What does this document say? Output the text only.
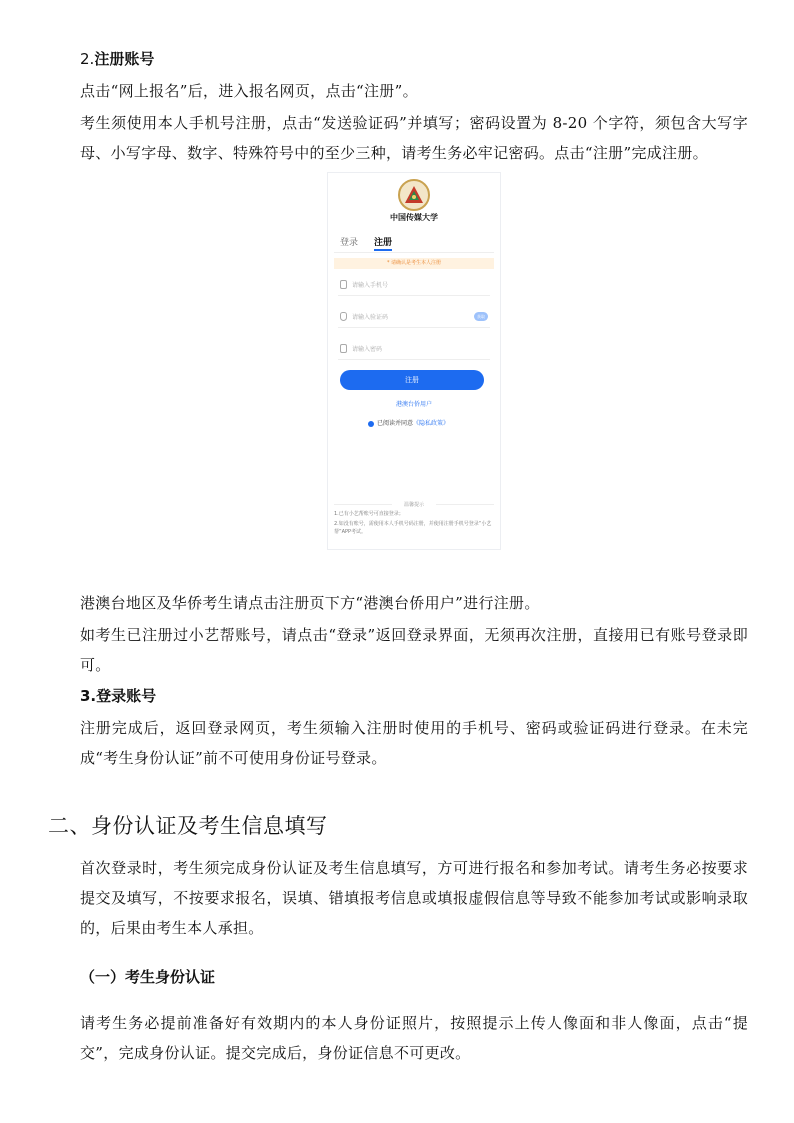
2.注册账号
点击“网上报名”后，进入报名网页，点击“注册”。
考生须使用本人手机号注册，点击“发送验证码”并填写；密码设置为 8-20 个字符，须包含大写字母、小写字母、数字、特殊符号中的至少三种，请考生务必牢记密码。点击“注册”完成注册。
中国传媒大学
登录 注册
* 请确认是考生本人注册
请输入手机号
请输入验证码	获取
请输入密码
注册
港澳台侨用户
已阅读并同意《隐私政策》
温馨提示
1.已有小艺帮账号可直接登录；
2.如没有账号，需使用本人手机号码注册，并使用注册手机号登录“小艺帮”APP考试。
港澳台地区及华侨考生请点击注册页下方“港澳台侨用户”进行注册。
如考生已注册过小艺帮账号，请点击“登录”返回登录界面，无须再次注册，直接用已有账号登录即可。
3.登录账号
注册完成后，返回登录网页，考生须输入注册时使用的手机号、密码或验证码进行登录。在未完成“考生身份认证”前不可使用身份证号登录。
二、身份认证及考生信息填写
首次登录时，考生须完成身份认证及考生信息填写，方可进行报名和参加考试。请考生务必按要求提交及填写，不按要求报名，误填、错填报考信息或填报虚假信息等导致不能参加考试或影响录取的，后果由考生本人承担。
（一）考生身份认证
请考生务必提前准备好有效期内的本人身份证照片，按照提示上传人像面和非人像面，点击“提交”，完成身份认证。提交完成后，身份证信息不可更改。
